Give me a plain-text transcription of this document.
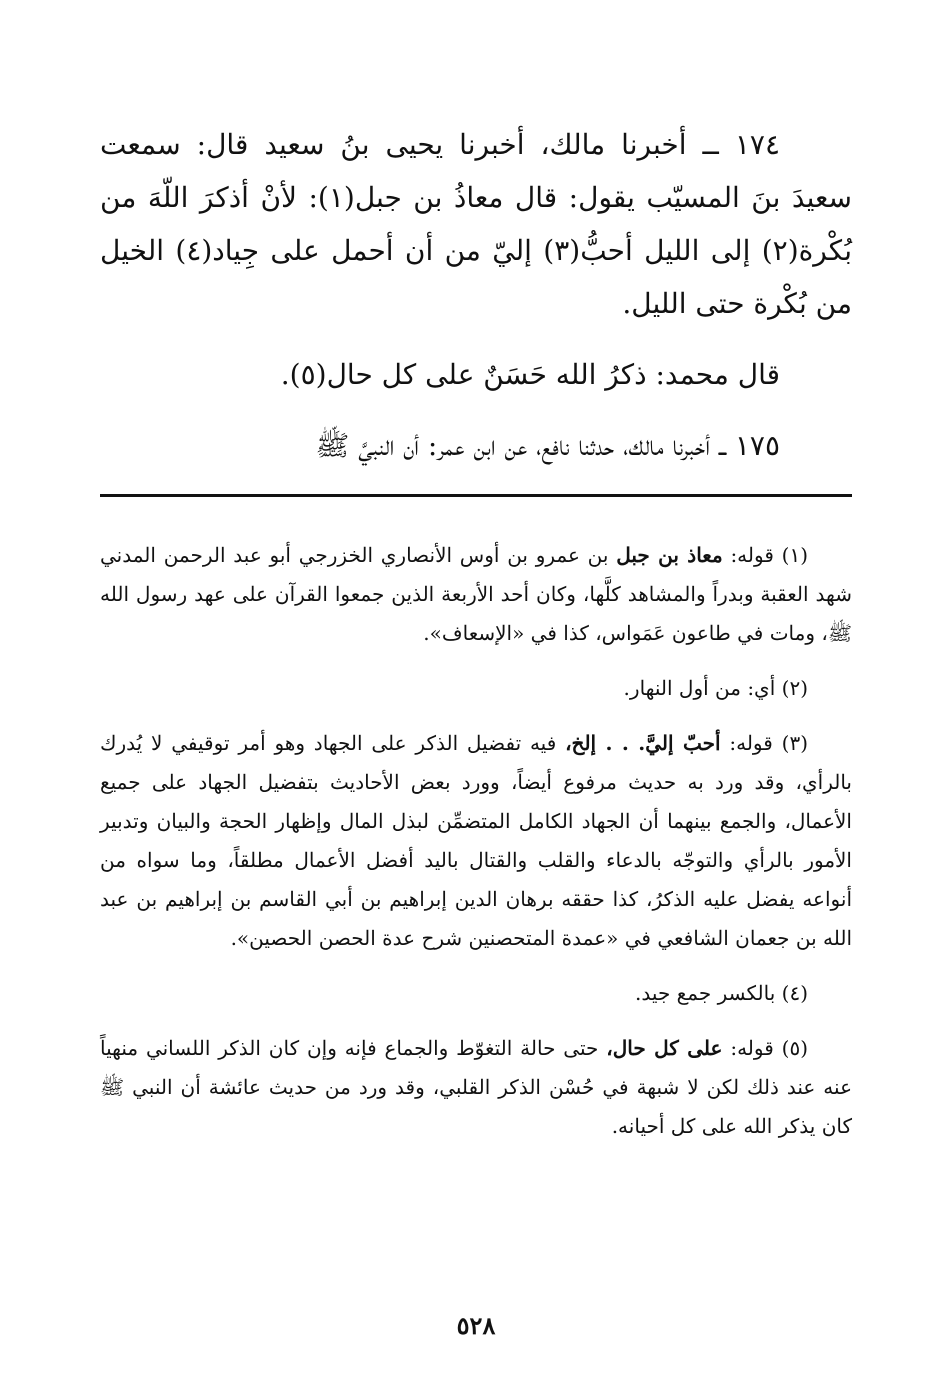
١٧٤ ــ أخبرنا مالك، أخبرنا يحيى بنُ سعيد قال: سمعت سعيدَ بنَ المسيّب يقول: قال معاذُ بن جبل(١): لأنْ أذكرَ اللّهَ من بُكْرة(٢) إلى الليل أحبُّ(٣) إليّ من أن أحمل على جِياد(٤) الخيل من بُكْرة حتى الليل.

قال محمد: ذكرُ الله حَسَنٌ على كل حال(٥).

١٧٥ ــ أخبرنا مالك، حدثنا نافع، عن ابن عمر: أن النبيَّ ﷺ

(١) قوله: معاذ بن جبل بن عمرو بن أوس الأنصاري الخزرجي أبو عبد الرحمن المدني شهد العقبة وبدراً والمشاهد كلَّها، وكان أحد الأربعة الذين جمعوا القرآن على عهد رسول الله ﷺ، ومات في طاعون عَمَواس، كذا في «الإسعاف».

(٢) أي: من أول النهار.

(٣) قوله: أحبّ إليَّ. . . إلخ، فيه تفضيل الذكر على الجهاد وهو أمر توقيفي لا يُدرك بالرأي، وقد ورد به حديث مرفوع أيضاً، وورد بعض الأحاديث بتفضيل الجهاد على جميع الأعمال، والجمع بينهما أن الجهاد الكامل المتضمِّن لبذل المال وإظهار الحجة والبيان وتدبير الأمور بالرأي والتوجّه بالدعاء والقلب والقتال باليد أفضل الأعمال مطلقاً، وما سواه من أنواعه يفضل عليه الذكرُ، كذا حققه برهان الدين إبراهيم بن أبي القاسم بن إبراهيم بن عبد الله بن جعمان الشافعي في «عمدة المتحصنين شرح عدة الحصن الحصين».

(٤) بالكسر جمع جيد.

(٥) قوله: على كل حال، حتى حالة التغوّط والجماع فإنه وإن كان الذكر اللساني منهياً عنه عند ذلك لكن لا شبهة في حُسْن الذكر القلبي، وقد ورد من حديث عائشة أن النبي ﷺ كان يذكر الله على كل أحيانه.

٥٢٨
